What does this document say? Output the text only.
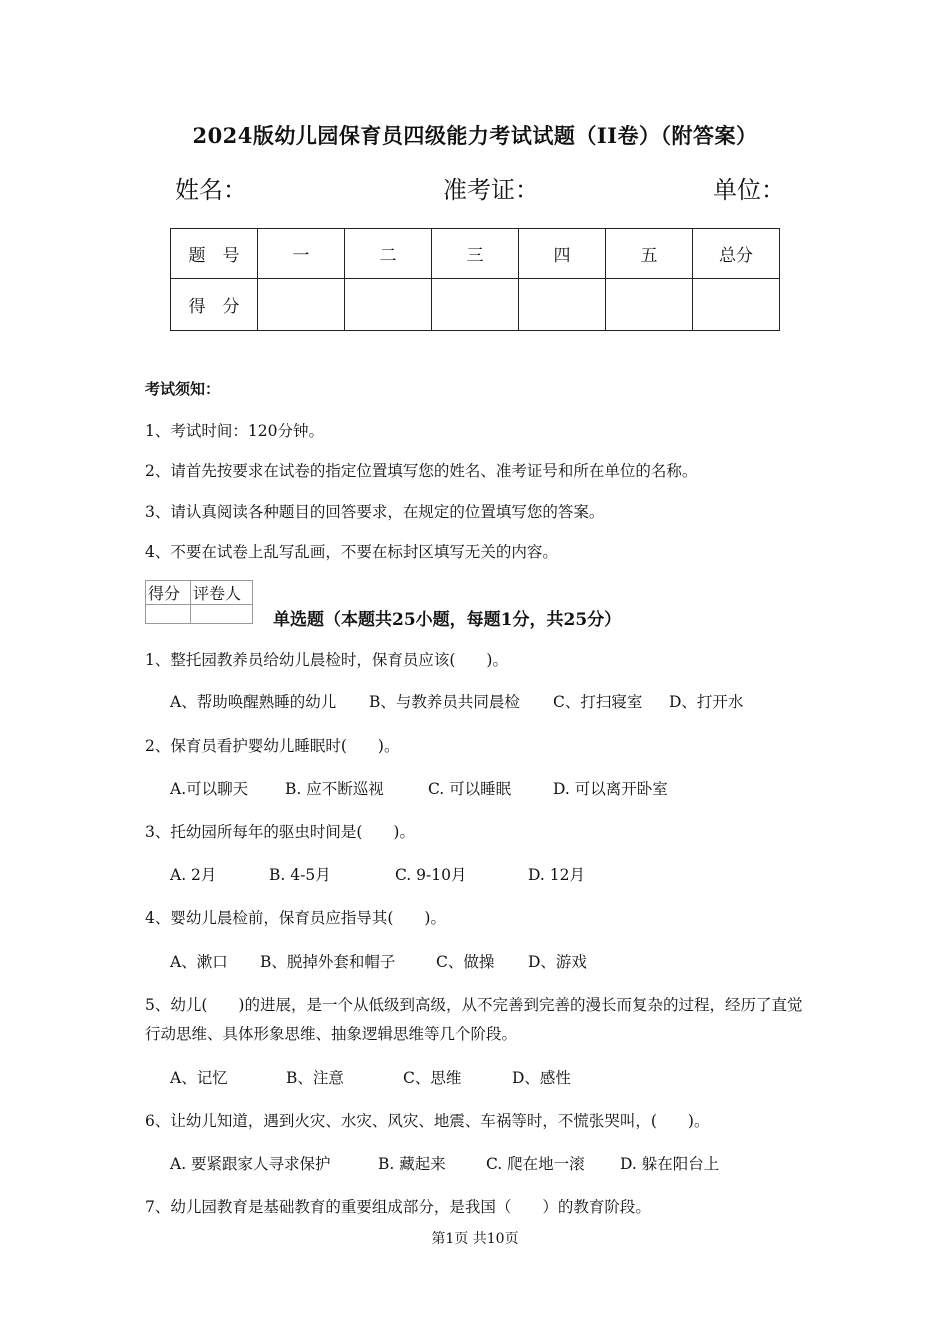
2024版幼儿园保育员四级能力考试试题（II卷）（附答案）
姓名：	准考证：	单位：
题　号	一	二	三	四	五	总分
得　分						
考试须知：
1、考试时间：120分钟。
2、请首先按要求在试卷的指定位置填写您的姓名、准考证号和所在单位的名称。
3、请认真阅读各种题目的回答要求，在规定的位置填写您的答案。
4、不要在试卷上乱写乱画，不要在标封区填写无关的内容。
得分	评卷人

单选题（本题共25小题，每题1分，共25分）
1、整托园教养员给幼儿晨检时，保育员应该(　　)。
A、帮助唤醒熟睡的幼儿 B、与教养员共同晨检 C、打扫寝室 D、打开水
2、保育员看护婴幼儿睡眠时(　　)。
A.可以聊天 B. 应不断巡视	C. 可以睡眠	D. 可以离开卧室
3、托幼园所每年的驱虫时间是(　　)。
A. 2月	B. 4-5月	C. 9-10月	D. 12月
4、婴幼儿晨检前，保育员应指导其(　　)。
A、漱口 B、脱掉外套和帽子	C、做操 D、游戏
5、幼儿(　　)的进展，是一个从低级到高级，从不完善到完善的漫长而复杂的过程，经历了直觉行动思维、具体形象思维、抽象逻辑思维等几个阶段。
A、记忆	B、注意	C、思维	D、感性
6、让幼儿知道，遇到火灾、水灾、风灾、地震、车祸等时，不慌张哭叫，(　　)。
A. 要紧跟家人寻求保护	B. 藏起来	C. 爬在地一滚 D. 躲在阳台上
7、幼儿园教育是基础教育的重要组成部分，是我国（　　）的教育阶段。
第1页 共10页
